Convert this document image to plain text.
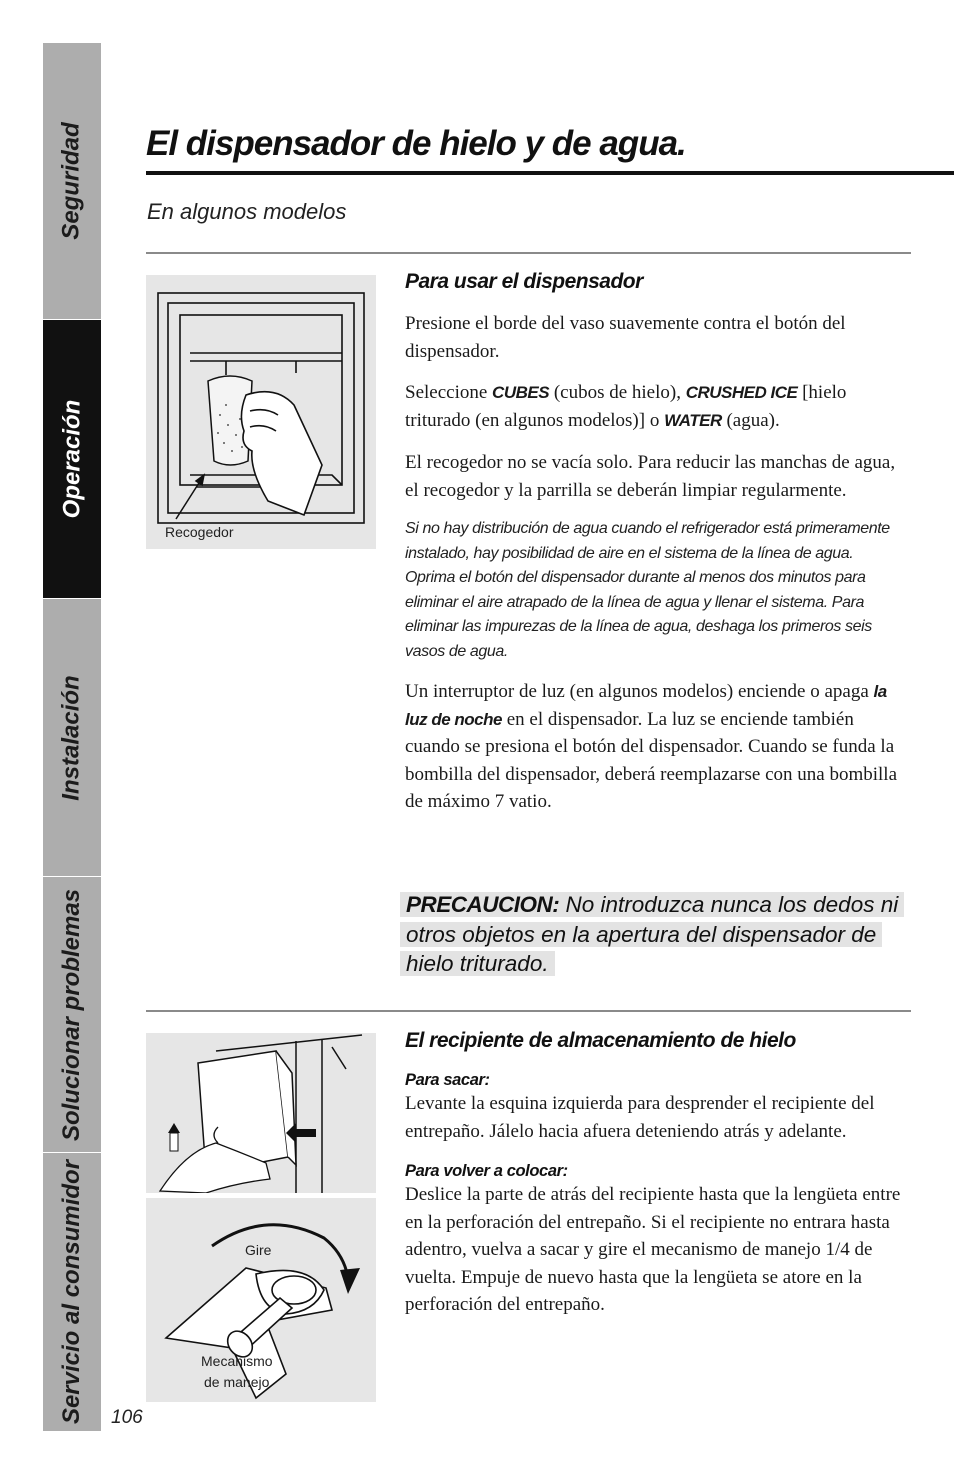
Seguridad
Operación
Instalación
Solucionar problemas
Servicio al consumidor
El dispensador de hielo y de agua.
En algunos modelos
Recogedor
Para usar el dispensador

Presione el borde del vaso suavemente contra el botón del dispensador.

Seleccione CUBES (cubos de hielo), CRUSHED ICE [hielo triturado (en algunos modelos)] o WATER (agua).

El recogedor no se vacía solo. Para reducir las manchas de agua, el recogedor y la parrilla se deberán limpiar regularmente.

Si no hay distribución de agua cuando el refrigerador está primeramente instalado, hay posibilidad de aire en el sistema de la línea de agua. Oprima el botón del dispensador durante al menos dos minutos para eliminar el aire atrapado de la línea de agua y llenar el sistema. Para eliminar las impurezas de la línea de agua, deshaga los primeros seis vasos de agua.

Un interruptor de luz (en algunos modelos) enciende o apaga la luz de noche en el dispensador. La luz se enciende también cuando se presiona el botón del dispensador. Cuando se funda la bombilla del dispensador, deberá reemplazarse con una bombilla de máximo 7 vatio.

PRECAUCION: No introduzca nunca los dedos ni otros objetos en la apertura del dispensador de hielo triturado.
Gire
Mecanismo
de manejo
El recipiente de almacenamiento de hielo

Para sacar:

Levante la esquina izquierda para desprender el recipiente del entrepaño. Jálelo hacia afuera deteniendo atrás y adelante.

Para volver a colocar:

Deslice la parte de atrás del recipiente hasta que la lengüeta entre en la perforación del entrepaño. Si el recipiente no entrara hasta adentro, vuelva a sacar y gire el mecanismo de manejo 1/4 de vuelta. Empuje de nuevo hasta que la lengüeta se atore en la perforación del entrepaño.

106
